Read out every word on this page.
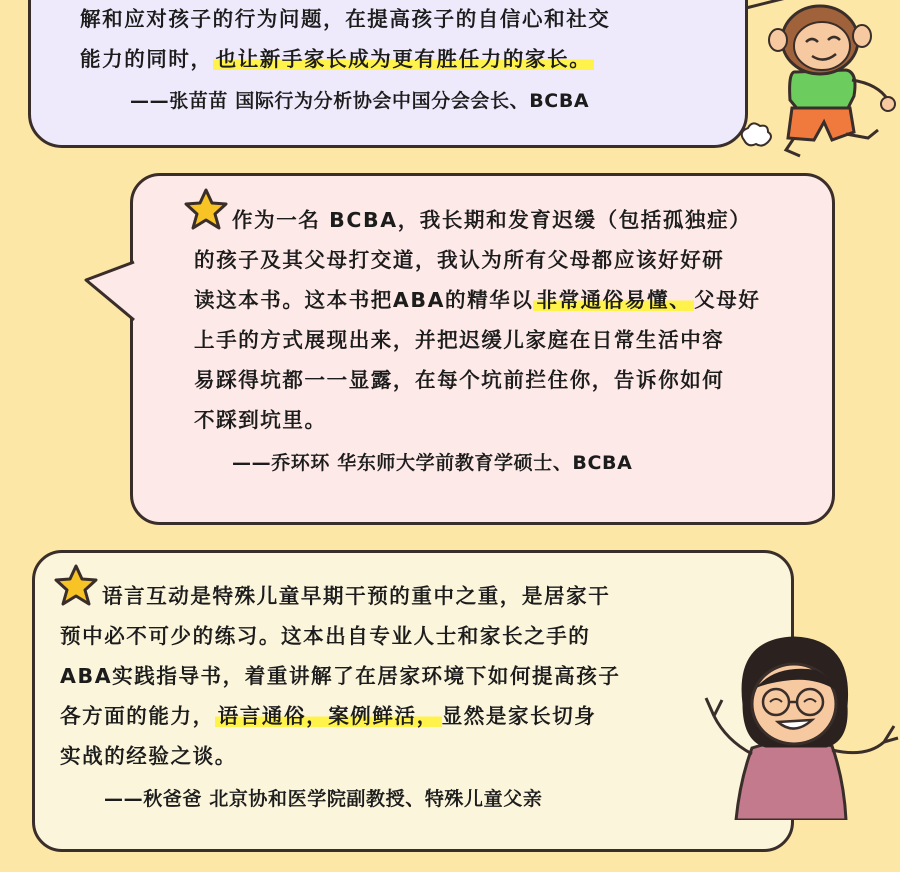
解和应对孩子的行为问题，在提高孩子的自信心和社交
能力的同时， 也让新手家长成为更有胜任力的家长。
——张苗苗 国际行为分析协会中国分会会长、BCBA
作为一名 BCBA，我长期和发育迟缓（包括孤独症）
的孩子及其父母打交道，我认为所有父母都应该好好研
读这本书。这本书把ABA的精华以 非常通俗易懂、 父母好
上手的方式展现出来，并把迟缓儿家庭在日常生活中容
易踩得坑都一一显露，在每个坑前拦住你，告诉你如何
不踩到坑里。
——乔环环 华东师大学前教育学硕士、BCBA
语言互动是特殊儿童早期干预的重中之重，是居家干
预中必不可少的练习。这本出自专业人士和家长之手的
ABA实践指导书，着重讲解了在居家环境下如何提高孩子
各方面的能力， 语言通俗，案例鲜活， 显然是家长切身
实战的经验之谈。
——秋爸爸 北京协和医学院副教授、特殊儿童父亲
